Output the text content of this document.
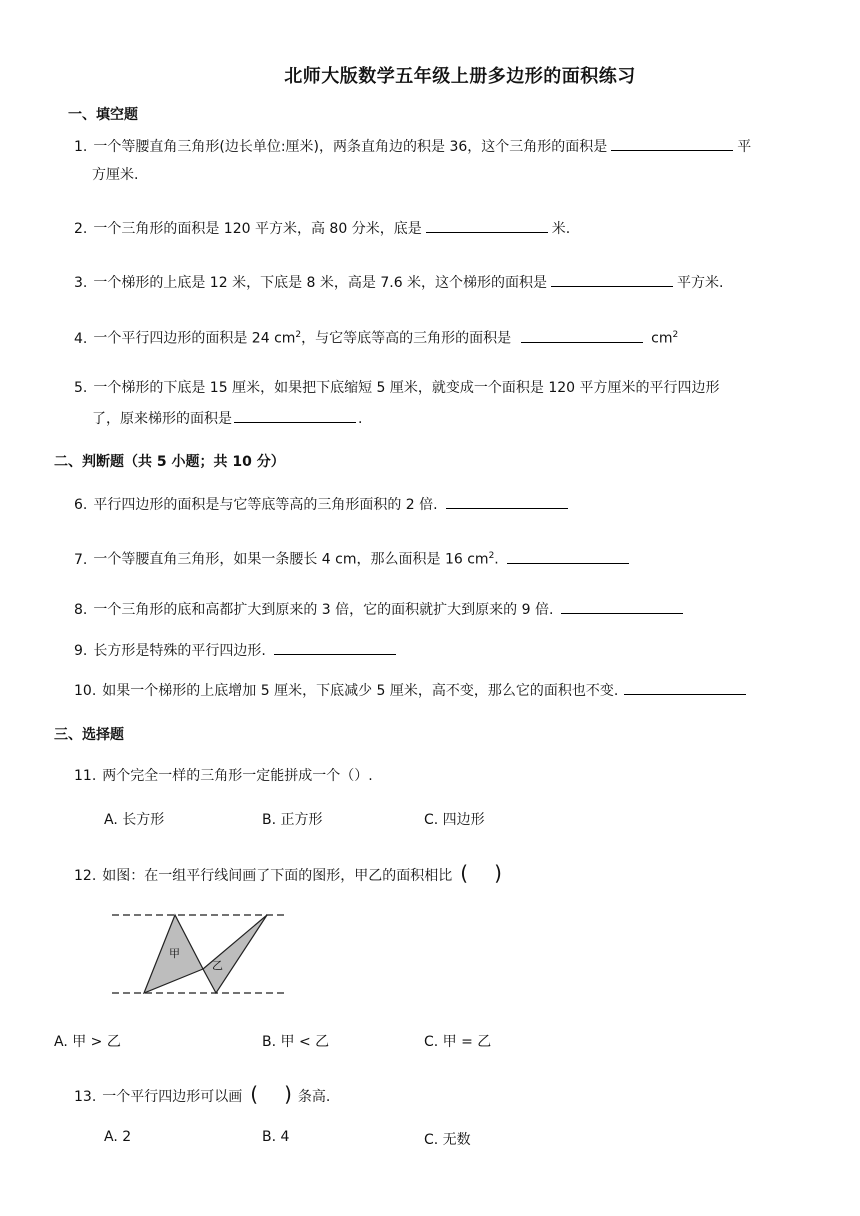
北师大版数学五年级上册多边形的面积练习
一、填空题
1. 一个等腰直角三角形(边长单位:厘米)，两条直角边的积是 36，这个三角形的面积是	平
方厘米.
2. 一个三角形的面积是 120 平方米，高 80 分米，底是	米.
3. 一个梯形的上底是 12 米，下底是 8 米，高是 7.6 米，这个梯形的面积是	平方米.
4. 一个平行四边形的面积是 24 $cm^2$，与它等底等高的三角形的面积是	$cm^2$
5. 一个梯形的下底是 15 厘米，如果把下底缩短 5 厘米，就变成一个面积是 120 平方厘米的平行四边形
了，原来梯形的面积是	.
二、判断题（共 5 小题；共 10 分）
6. 平行四边形的面积是与它等底等高的三角形面积的 2 倍.
7. 一个等腰直角三角形，如果一条腰长 4 cm，那么面积是 16 $cm^2$.
8. 一个三角形的底和高都扩大到原来的 3 倍，它的面积就扩大到原来的 9 倍.
9. 长方形是特殊的平行四边形.
10. 如果一个梯形的上底增加 5 厘米，下底减少 5 厘米，高不变，那么它的面积也不变.
三、选择题
11. 两个完全一样的三角形一定能拼成一个（）.
A. 长方形	B. 正方形	C. 四边形
12. 如图：在一组平行线间画了下面的图形，甲乙的面积相比 ( )
甲
乙
A. 甲 > 乙	B. 甲 < 乙	C. 甲 = 乙
13. 一个平行四边形可以画 ( ) 条高.
A. 2	B. 4	C. 无数
